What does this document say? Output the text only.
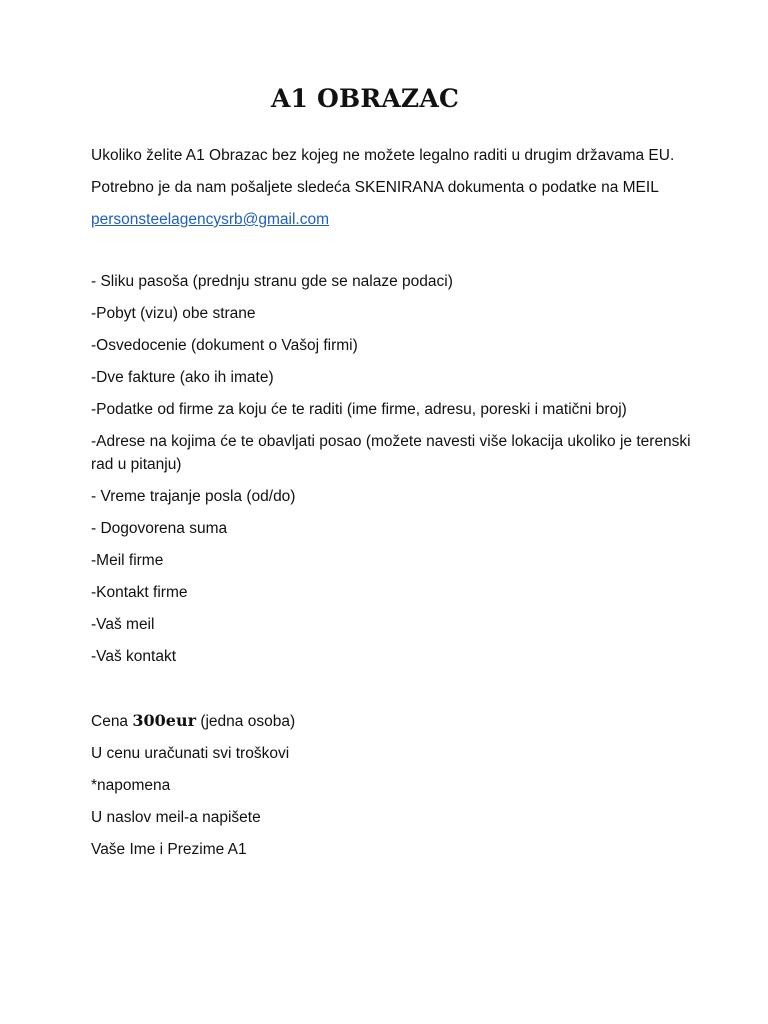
A1 OBRAZAC

Ukoliko želite A1 Obrazac bez kojeg ne možete legalno raditi u drugim državama EU.

Potrebno je da nam pošaljete sledeća SKENIRANA dokumenta o podatke na MEIL

personsteelagencysrb@gmail.com

- Sliku pasoša (prednju stranu gde se nalaze podaci)

-Pobyt (vizu) obe strane

-Osvedocenie (dokument o Vašoj firmi)

-Dve fakture (ako ih imate)

-Podatke od firme za koju će te raditi (ime firme, adresu, poreski i matični broj)

-Adrese na kojima će te obavljati posao (možete navesti više lokacija ukoliko je terenski rad u pitanju)

- Vreme trajanje posla (od/do)

- Dogovorena suma

-Meil firme

-Kontakt firme

-Vaš meil

-Vaš kontakt

Cena 300eur (jedna osoba)

U cenu uračunati svi troškovi

*napomena

U naslov meil-a napišete

Vaše Ime i Prezime A1
